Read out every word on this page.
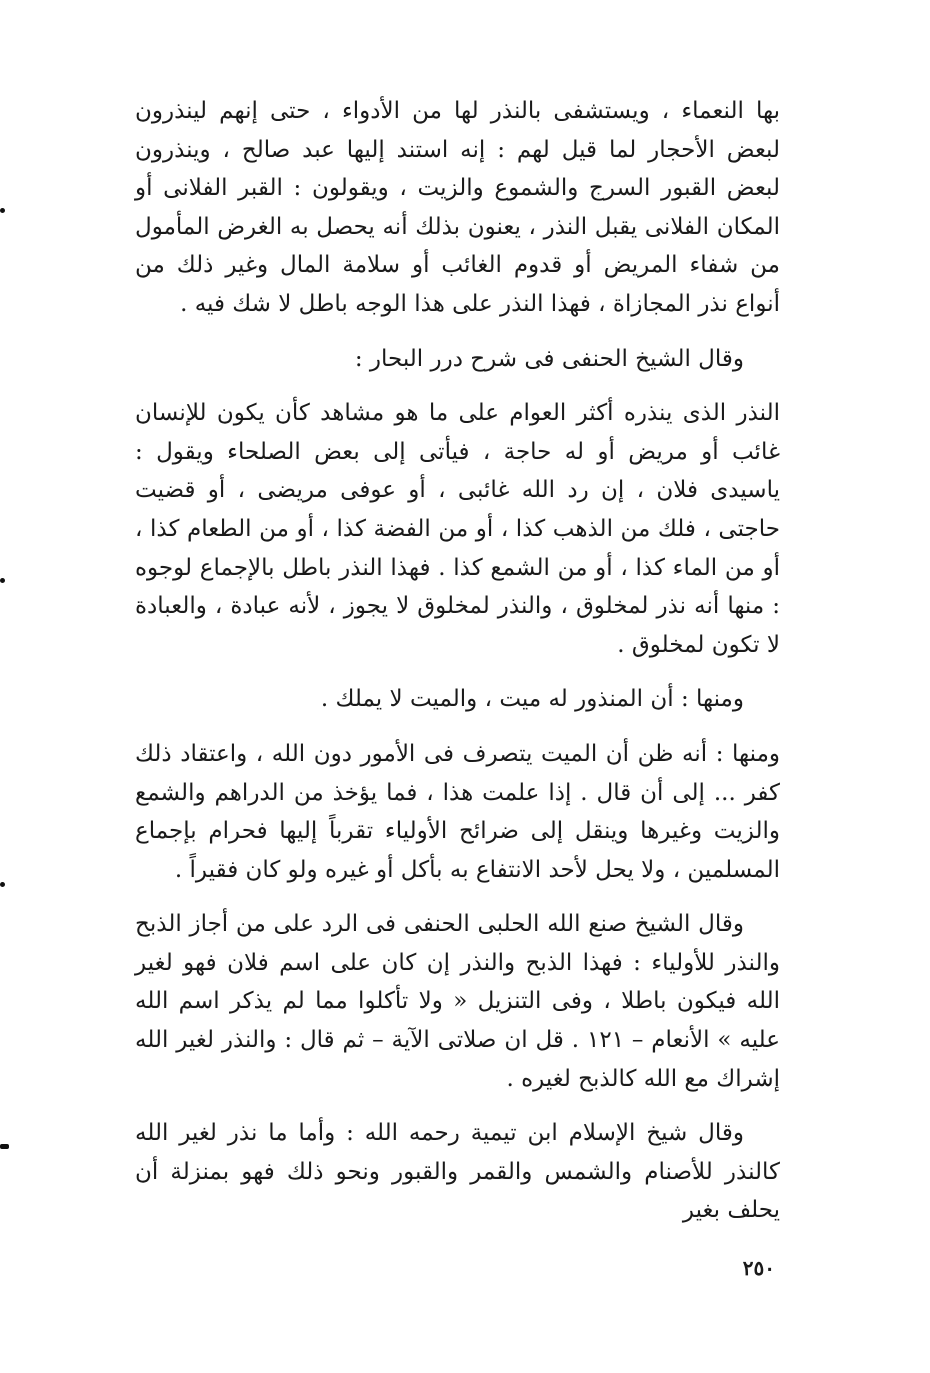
بها النعماء ، ويستشفى بالنذر لها من الأدواء ، حتى إنهم لينذرون لبعض الأحجار لما قيل لهم : إنه استند إليها عبد صالح ، وينذرون لبعض القبور السرج والشموع والزيت ، ويقولون : القبر الفلانى أو المكان الفلانى يقبل النذر ، يعنون بذلك أنه يحصل به الغرض المأمول من شفاء المريض أو قدوم الغائب أو سلامة المال وغير ذلك من أنواع نذر المجازاة ، فهذا النذر على هذا الوجه باطل لا شك فيه .

وقال الشيخ الحنفى فى شرح درر البحار :

النذر الذى ينذره أكثر العوام على ما هو مشاهد كأن يكون للإنسان غائب أو مريض أو له حاجة ، فيأتى إلى بعض الصلحاء ويقول : ياسيدى فلان ، إن رد الله غائبى ، أو عوفى مريضى ، أو قضيت حاجتى ، فلك من الذهب كذا ، أو من الفضة كذا ، أو من الطعام كذا ، أو من الماء كذا ، أو من الشمع كذا . فهذا النذر باطل بالإجماع لوجوه : منها أنه نذر لمخلوق ، والنذر لمخلوق لا يجوز ، لأنه عبادة ، والعبادة لا تكون لمخلوق .

ومنها : أن المنذور له ميت ، والميت لا يملك .

ومنها : أنه ظن أن الميت يتصرف فى الأمور دون الله ، واعتقاد ذلك كفر ... إلى أن قال . إذا علمت هذا ، فما يؤخذ من الدراهم والشمع والزيت وغيرها وينقل إلى ضرائح الأولياء تقرباً إليها فحرام بإجماع المسلمين ، ولا يحل لأحد الانتفاع به بأكل أو غيره ولو كان فقيراً .

وقال الشيخ صنع الله الحلبى الحنفى فى الرد على من أجاز الذبح والنذر للأولياء : فهذا الذبح والنذر إن كان على اسم فلان فهو لغير الله فيكون باطلا ، وفى التنزيل « ولا تأكلوا مما لم يذكر اسم الله عليه » الأنعام – ١٢١ . قل ان صلاتى الآية – ثم قال : والنذر لغير الله إشراك مع الله كالذبح لغيره .

وقال شيخ الإسلام ابن تيمية رحمه الله : وأما ما نذر لغير الله كالنذر للأصنام والشمس والقمر والقبور ونحو ذلك فهو بمنزلة أن يحلف بغير

٢٥٠
